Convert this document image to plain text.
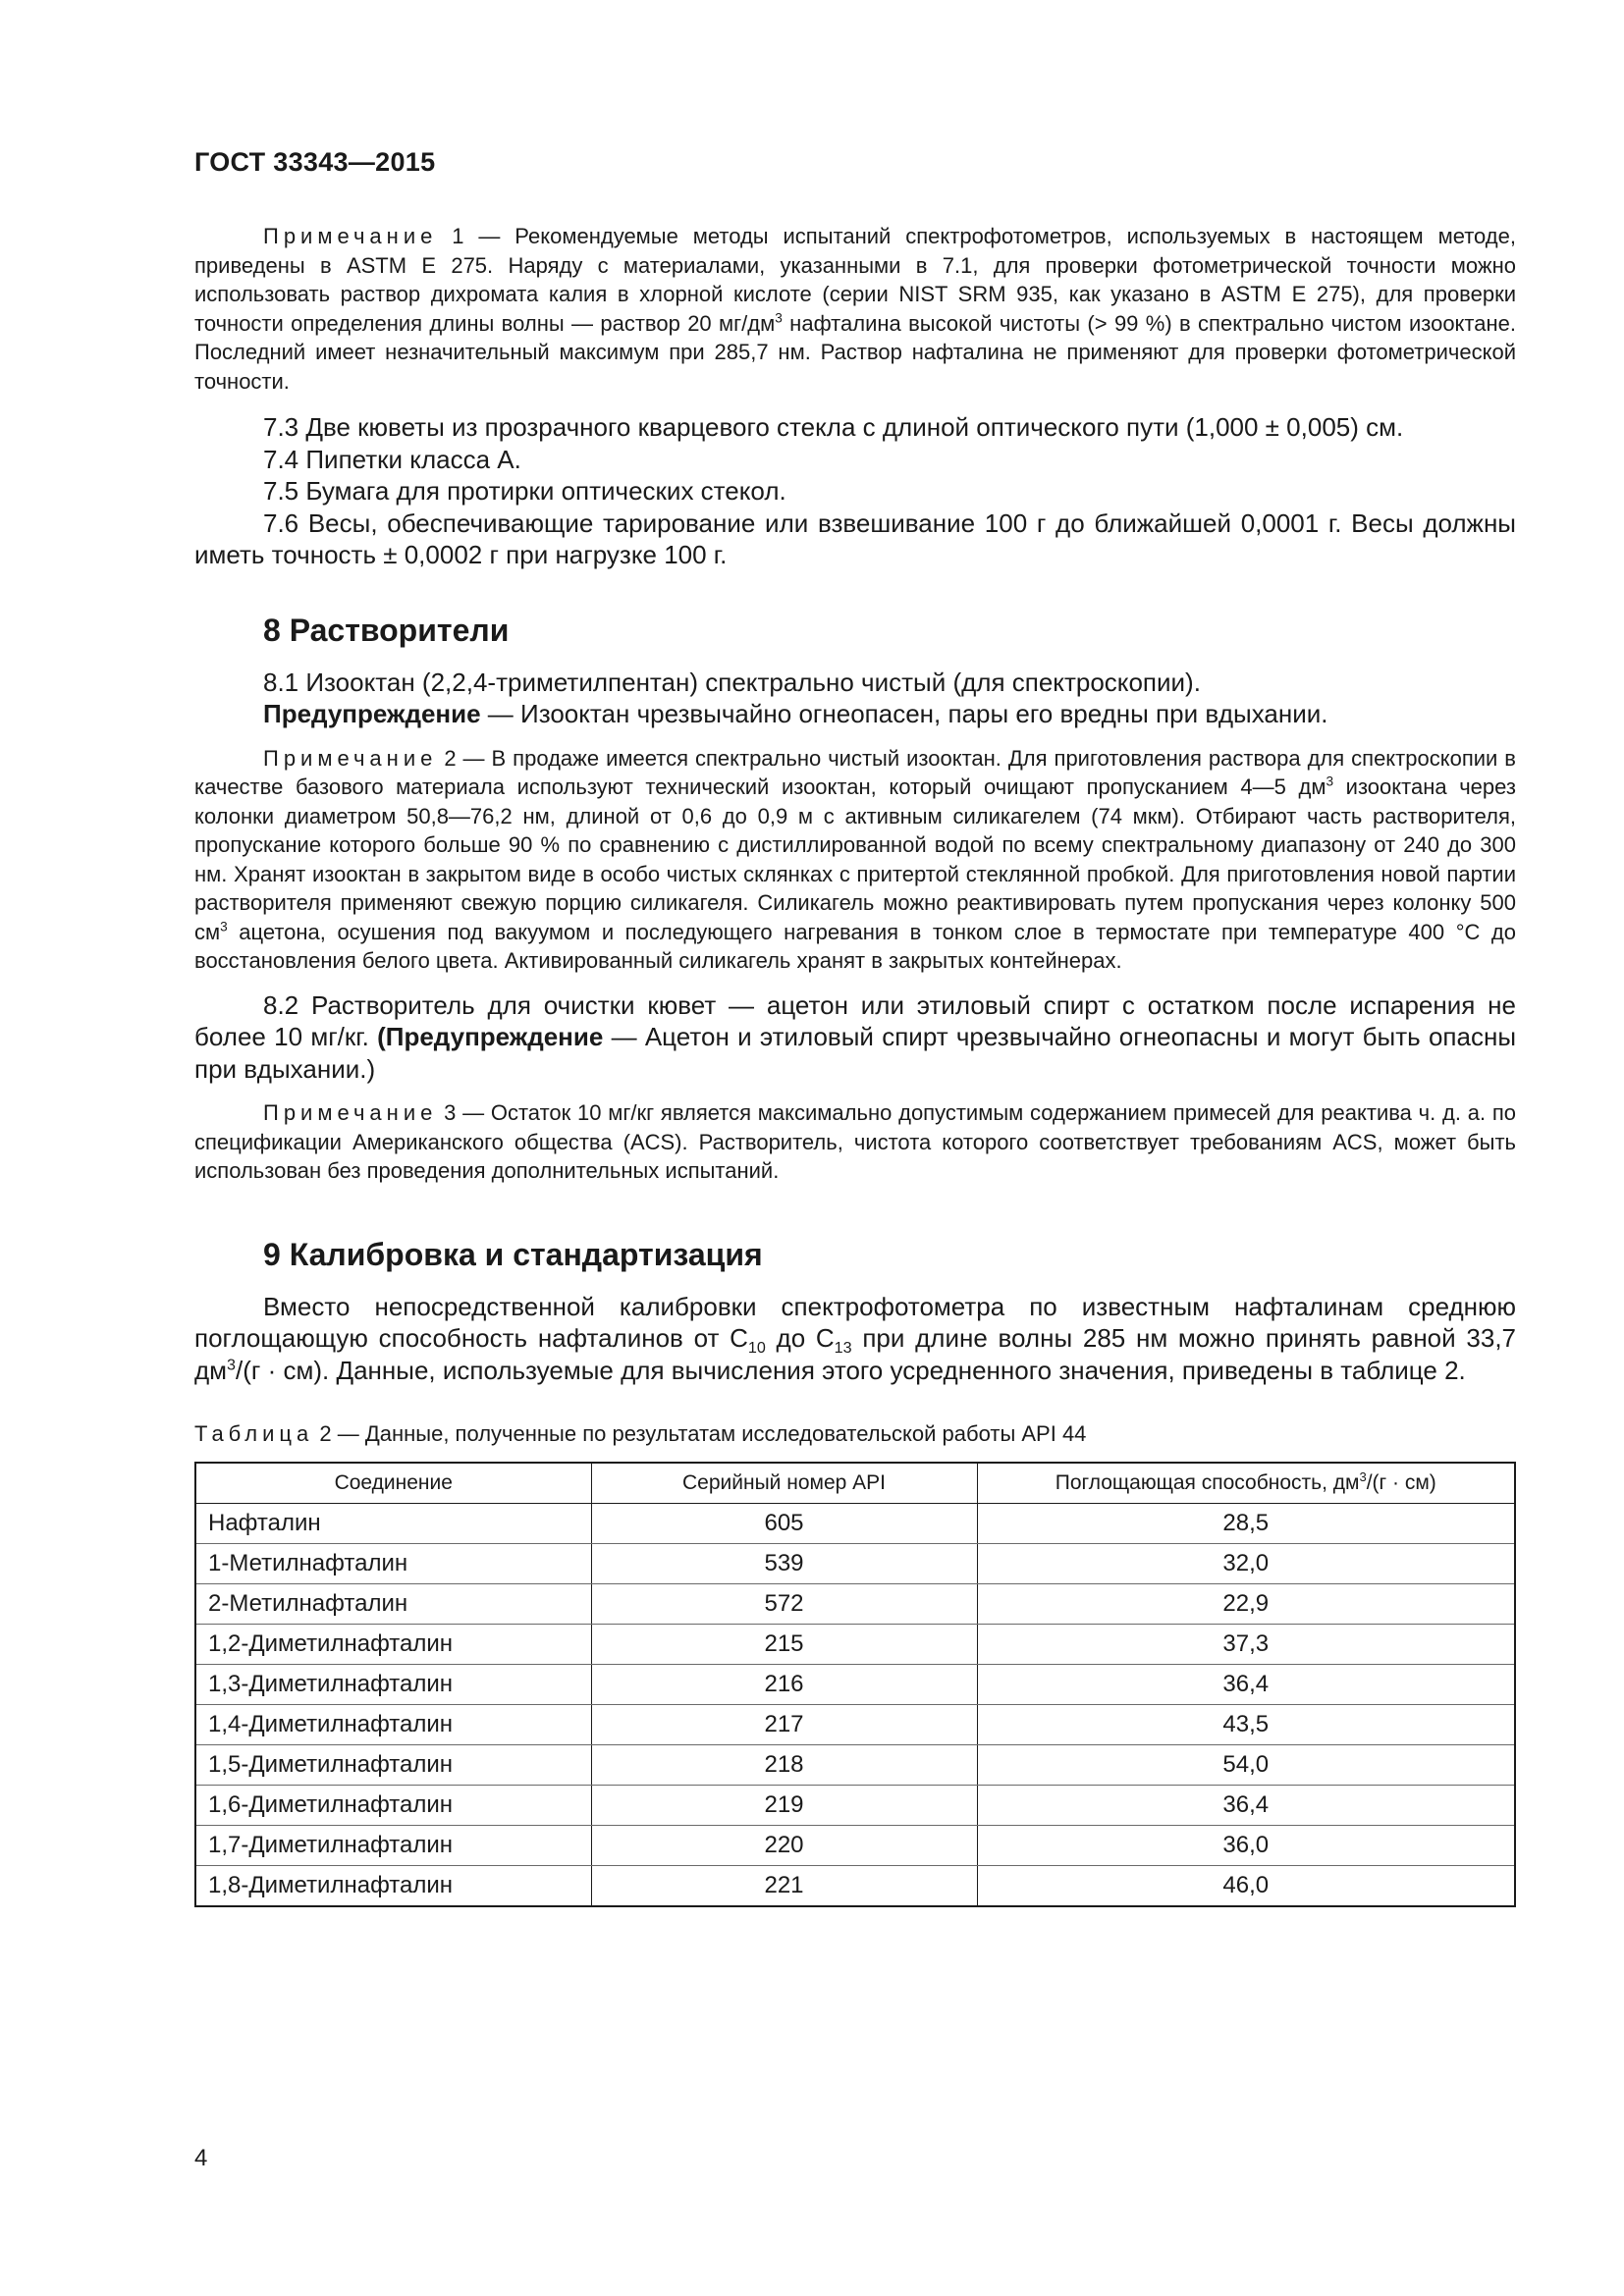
ГОСТ 33343—2015

Примечание 1 — Рекомендуемые методы испытаний спектрофотометров, используемых в настоящем методе, приведены в ASTM E 275. Наряду с материалами, указанными в 7.1, для проверки фотометрической точности можно использовать раствор дихромата калия в хлорной кислоте (серии NIST SRM 935, как указано в ASTM E 275), для проверки точности определения длины волны — раствор 20 $мг/дм^3$ нафталина высокой чистоты (> 99 %) в спектрально чистом изооктане. Последний имеет незначительный максимум при 285,7 нм. Раствор нафталина не применяют для проверки фотометрической точности.

7.3 Две кюветы из прозрачного кварцевого стекла с длиной оптического пути (1,000 ± 0,005) см.

7.4 Пипетки класса А.

7.5 Бумага для протирки оптических стекол.

7.6 Весы, обеспечивающие тарирование или взвешивание 100 г до ближайшей 0,0001 г. Весы должны иметь точность ± 0,0002 г при нагрузке 100 г.

8 Растворители

8.1 Изооктан (2,2,4-триметилпентан) спектрально чистый (для спектроскопии).

Предупреждение — Изооктан чрезвычайно огнеопасен, пары его вредны при вдыхании.

Примечание 2 — В продаже имеется спектрально чистый изооктан. Для приготовления раствора для спектроскопии в качестве базового материала используют технический изооктан, который очищают пропусканием 4—5 $дм^3$ изооктана через колонки диаметром 50,8—76,2 нм, длиной от 0,6 до 0,9 м с активным силикагелем (74 мкм). Отбирают часть растворителя, пропускание которого больше 90 % по сравнению с дистиллированной водой по всему спектральному диапазону от 240 до 300 нм. Хранят изооктан в закрытом виде в особо чистых склянках с притертой стеклянной пробкой. Для приготовления новой партии растворителя применяют свежую порцию силикагеля. Силикагель можно реактивировать путем пропускания через колонку 500 $см^3$ ацетона, осушения под вакуумом и последующего нагревания в тонком слое в термостате при температуре 400 °С до восстановления белого цвета. Активированный силикагель хранят в закрытых контейнерах.

8.2 Растворитель для очистки кювет — ацетон или этиловый спирт с остатком после испарения не более 10 мг/кг. (Предупреждение — Ацетон и этиловый спирт чрезвычайно огнеопасны и могут быть опасны при вдыхании.)

Примечание 3 — Остаток 10 мг/кг является максимально допустимым содержанием примесей для реактива ч. д. а. по спецификации Американского общества (ACS). Растворитель, чистота которого соответствует требованиям ACS, может быть использован без проведения дополнительных испытаний.

9 Калибровка и стандартизация

Вместо непосредственной калибровки спектрофотометра по известным нафталинам среднюю поглощающую способность нафталинов от $C_{10}$ до $C_{13}$ при длине волны 285 нм можно принять равной 33,7 $дм^3/(г \cdot см)$. Данные, используемые для вычисления этого усредненного значения, приведены в таблице 2.

Таблица 2 — Данные, полученные по результатам исследовательской работы API 44

Соединение	Серийный номер API	Поглощающая способность, $дм^3/(г \cdot см)$
Нафталин	605	28,5
1-Метилнафталин	539	32,0
2-Метилнафталин	572	22,9
1,2-Диметилнафталин	215	37,3
1,3-Диметилнафталин	216	36,4
1,4-Диметилнафталин	217	43,5
1,5-Диметилнафталин	218	54,0
1,6-Диметилнафталин	219	36,4
1,7-Диметилнафталин	220	36,0
1,8-Диметилнафталин	221	46,0
4
